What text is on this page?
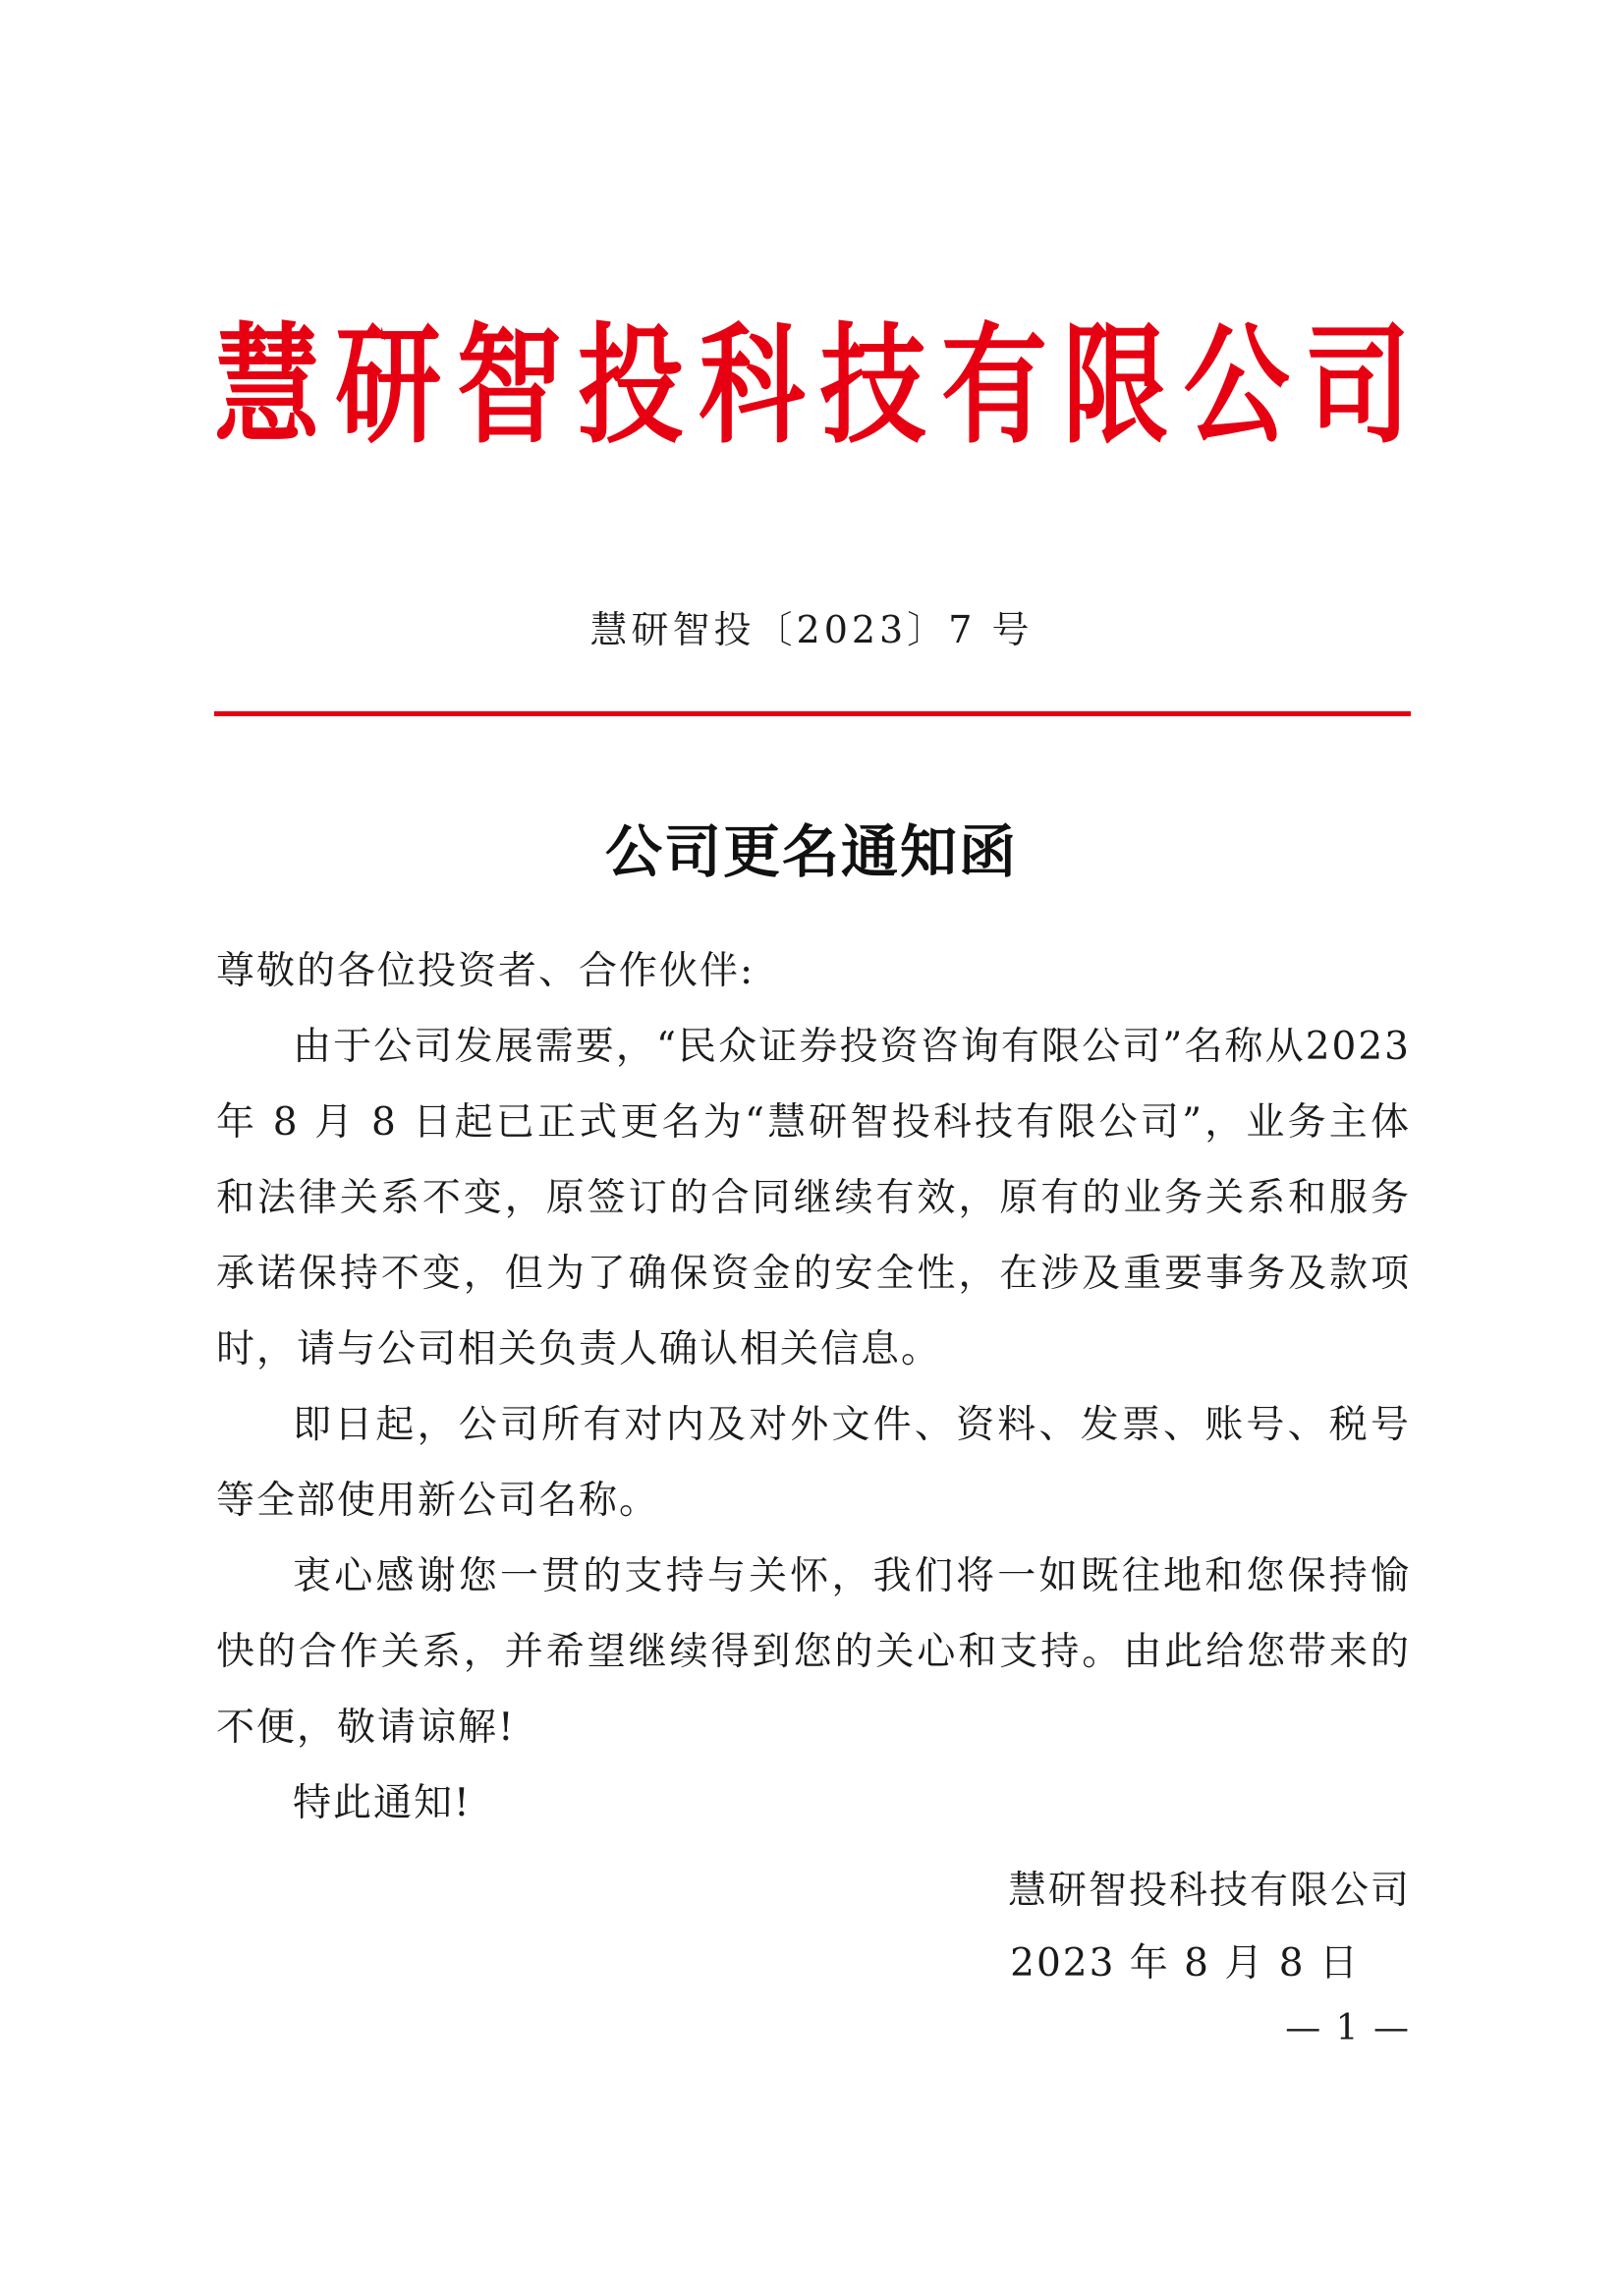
慧 研 智 投 科 技 有 限 公 司
慧研智投〔2023〕7 号
公司更名通知函

尊敬的各位投资者、合作伙伴:

由于公司发展需要，“民众证券投资咨询有限公司”名称从2023 年 8 月 8 日起已正式更名为“慧研智投科技有限公司”，业务主体和法律关系不变，原签订的合同继续有效，原有的业务关系和服务承诺保持不变，但为了确保资金的安全性，在涉及重要事务及款项时，请与公司相关负责人确认相关信息。

即日起，公司所有对内及对外文件、资料、发票、账号、税号等全部使用新公司名称。

衷心感谢您一贯的支持与关怀，我们将一如既往地和您保持愉快的合作关系，并希望继续得到您的关心和支持。由此给您带来的不便，敬请谅解!

特此通知!

慧研智投科技有限公司
2023 年 8 月 8 日
— 1 —
